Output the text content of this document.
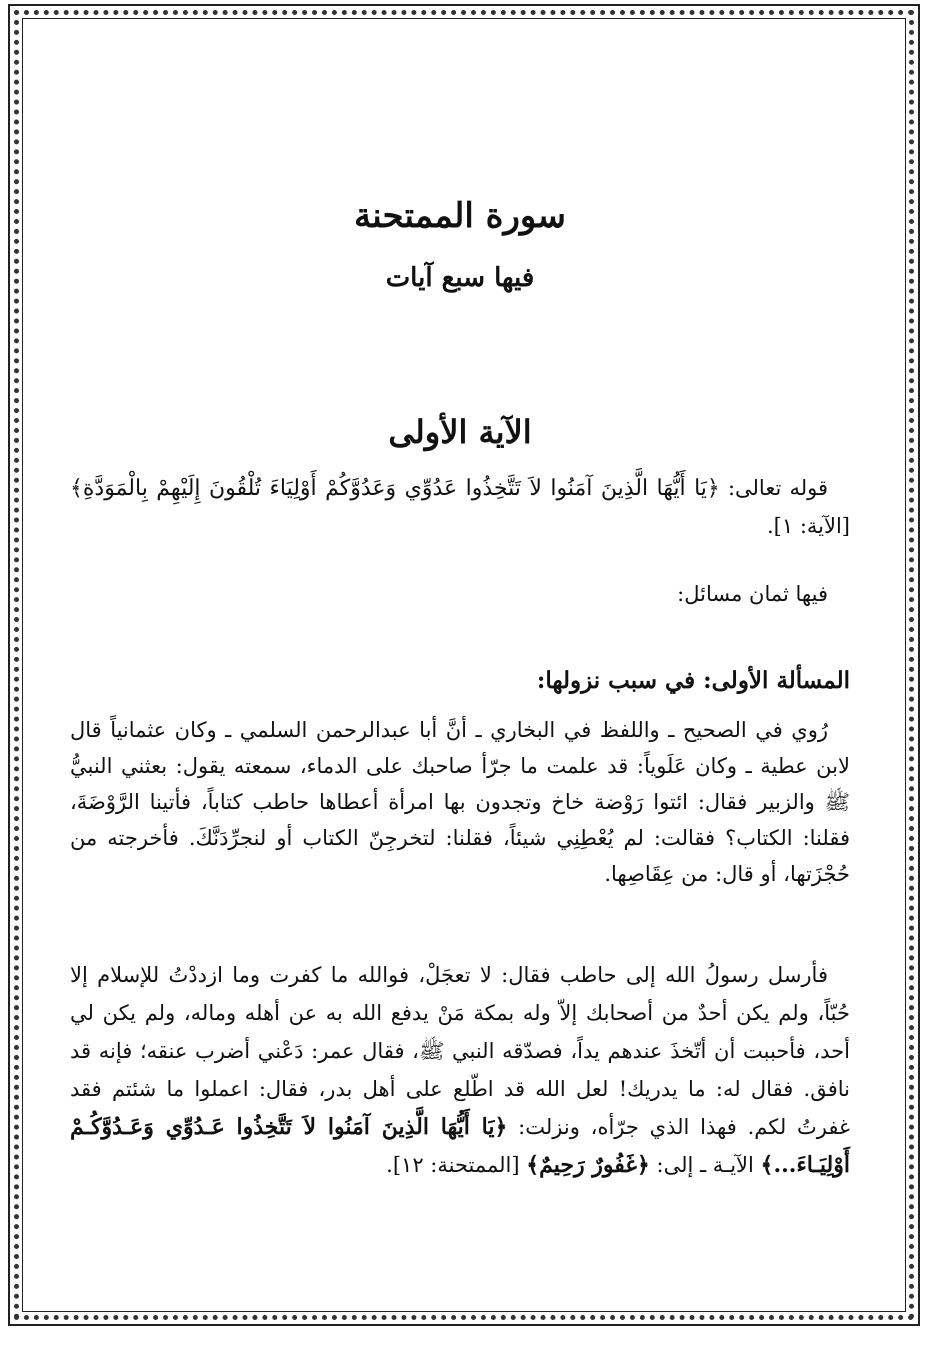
سورة الممتحنة
فيها سبع آيات
الآية الأولى
قوله تعالى: ﴿يَا أَيُّهَا الَّذِينَ آمَنُوا لاَ تَتَّخِذُوا عَدُوِّي وَعَدُوَّكُمْ أَوْلِيَاءَ تُلْقُونَ إِلَيْهِمْ بِالْمَوَدَّةِ﴾ [الآية: ١].
فيها ثمان مسائل:
المسألة الأولى: في سبب نزولها:
رُوي في الصحيح ـ واللفظ في البخاري ـ أنَّ أبا عبدالرحمن السلمي ـ وكان عثمانياً قال لابن عطية ـ وكان عَلَوياً: قد علمت ما جرّأ صاحبك على الدماء، سمعته يقول: بعثني النبيُّ ﷺ والزبير فقال: ائتوا رَوْضة خاخ وتجدون بها امرأة أعطاها حاطب كتاباً، فأتينا الرَّوْضَةَ، فقلنا: الكتاب؟ فقالت: لم يُعْطِنِي شيئاً، فقلنا: لتخرجِنّ الكتاب أو لنجرِّدَنَّكَ. فأخرجته من حُجْزَتها، أو قال: من عِقَاصِها.
فأرسل رسولُ الله إلى حاطب فقال: لا تعجَلْ، فوالله ما كفرت وما ازددْتُ للإسلام إلا حُبّاً، ولم يكن أحدٌ من أصحابك إلاّ وله بمكة مَنْ يدفع الله به عن أهله وماله، ولم يكن لي أحد، فأحببت أن أتّخذَ عندهم يداً، فصدّقه النبي ﷺ، فقال عمر: دَعْني أضرب عنقه؛ فإنه قد نافق. فقال له: ما يدريك! لعل الله قد اطّلع على أهل بدر، فقال: اعملوا ما شئتم فقد غفرتُ لكم. فهذا الذي جرّأه، ونزلت: ﴿يَا أَيُّهَا الَّذِينَ آمَنُوا لاَ تَتَّخِذُوا عَـدُوِّي وَعَـدُوَّكُـمْ أَوْلِيَـاءَ...﴾ الآيـة ـ إلى: ﴿غَفُورٌ رَحِيمٌ﴾ [الممتحنة: ١٢].
